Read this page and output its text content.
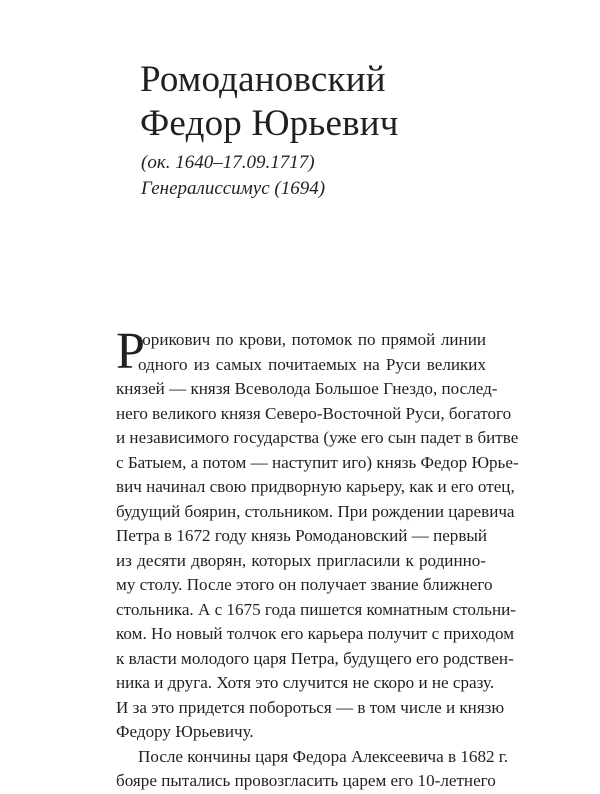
Ромодановский
Федор Юрьевич
(ок. 1640–17.09.1717)
Генералиссимус (1694)
Р
юрикович по крови, потомок по прямой линии
одного из самых почитаемых на Руси великих
князей — князя Всеволода Большое Гнездо, послед-
него великого князя Северо-Восточной Руси, богатого
и независимого государства (уже его сын падет в битве
с Батыем, а потом — наступит иго) князь Федор Юрье-
вич начинал свою придворную карьеру, как и его отец,
будущий боярин, стольником. При рождении царевича
Петра в 1672 году князь Ромодановский — первый
из десяти дворян, которых пригласили к родинно-
му столу. После этого он получает звание ближнего
стольника. А с 1675 года пишется комнатным стольни-
ком. Но новый толчок его карьера получит с приходом
к власти молодого царя Петра, будущего его родствен-
ника и друга. Хотя это случится не скоро и не сразу.
И за это придется побороться — в том числе и князю
Федору Юрьевичу.
После кончины царя Федора Алексеевича в 1682 г.
бояре пытались провозгласить царем его 10-летнего
